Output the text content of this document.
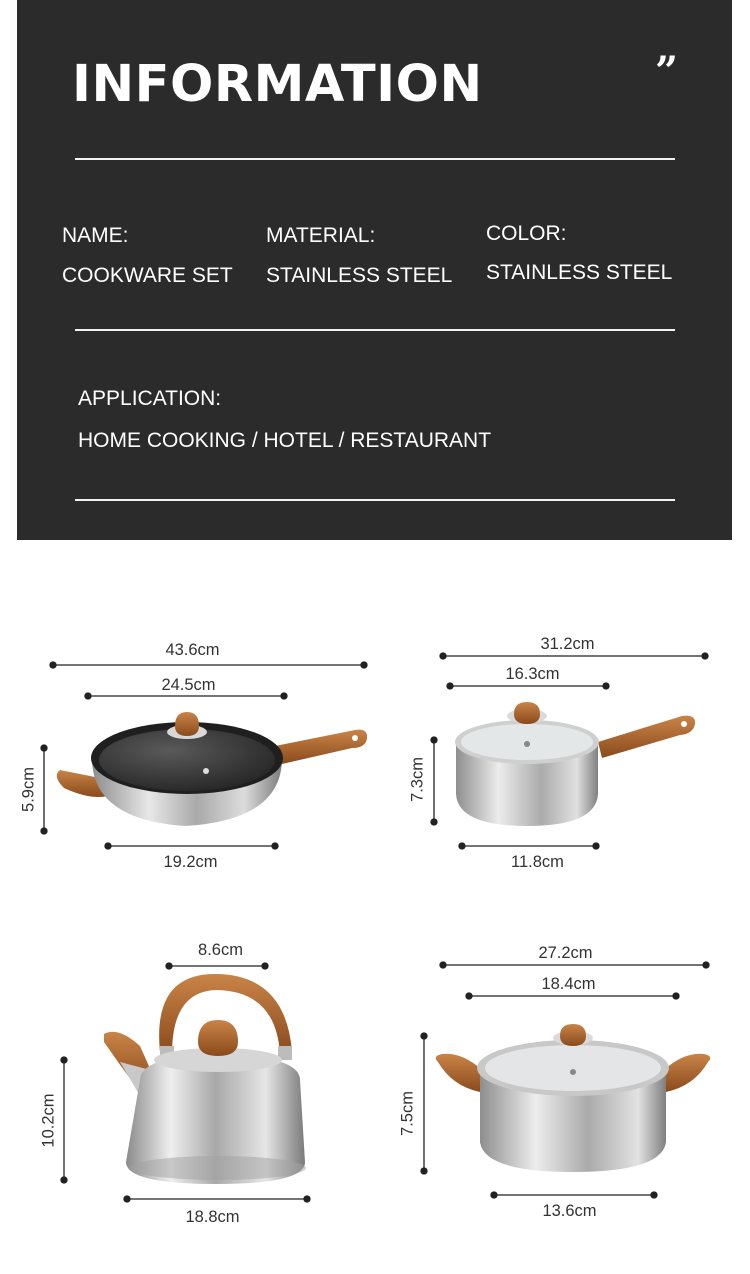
INFORMATION	”
NAME:
COOKWARE SET
MATERIAL:
STAINLESS STEEL
COLOR:
STAINLESS STEEL
APPLICATION:
HOME COOKING / HOTEL / RESTAURANT
43.6cm
24.5cm
19.2cm
5.9cm
31.2cm
16.3cm
11.8cm
7.3cm
8.6cm
18.8cm
10.2cm
27.2cm
18.4cm
13.6cm
7.5cm
